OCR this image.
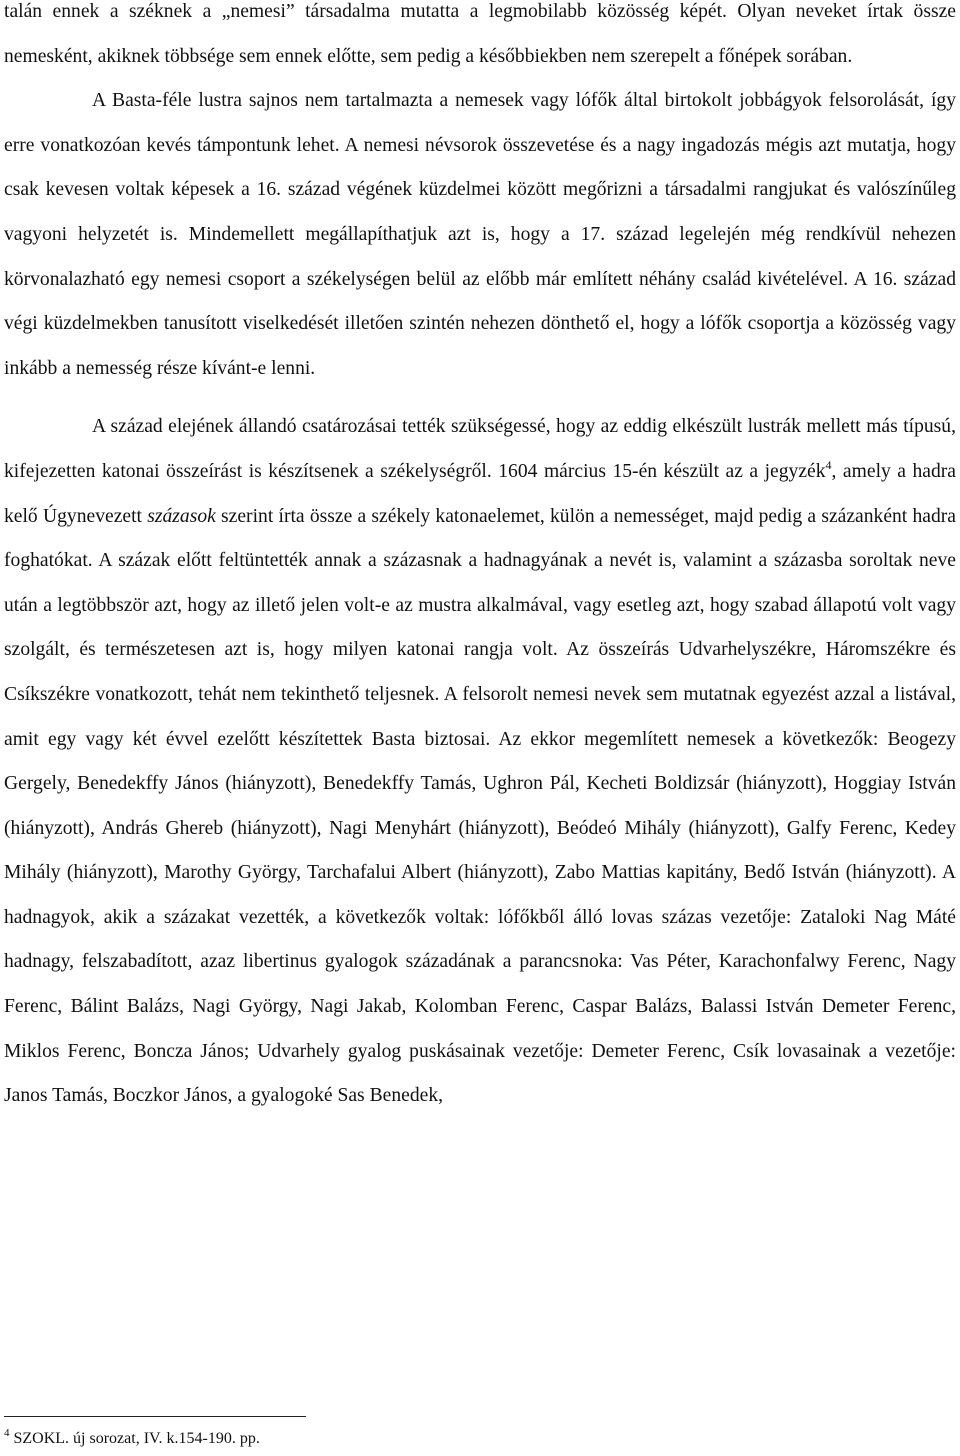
talán ennek a széknek a „nemesi” társadalma mutatta a legmobilabb közösség képét. Olyan neveket írtak össze nemesként, akiknek többsége sem ennek előtte, sem pedig a későbbiekben nem szerepelt a főnépek sorában.

A Basta-féle lustra sajnos nem tartalmazta a nemesek vagy lófők által birtokolt jobbágyok felsorolását, így erre vonatkozóan kevés támpontunk lehet. A nemesi névsorok összevetése és a nagy ingadozás mégis azt mutatja, hogy csak kevesen voltak képesek a 16. század végének küzdelmei között megőrizni a társadalmi rangjukat és valószínűleg vagyoni helyzetét is. Mindemellett megállapíthatjuk azt is, hogy a 17. század legelején még rendkívül nehezen körvonalazható egy nemesi csoport a székelységen belül az előbb már említett néhány család kivételével. A 16. század végi küzdelmekben tanusított viselkedését illetően szintén nehezen dönthető el, hogy a lófők csoportja a közösség vagy inkább a nemesség része kívánt-e lenni.

A század elejének állandó csatározásai tették szükségessé, hogy az eddig elkészült lustrák mellett más típusú, kifejezetten katonai összeírást is készítsenek a székelységről. 1604 március 15-én készült az a jegyzék$^4$, amely a hadra kelő Úgynevezett százasok szerint írta össze a székely katonaelemet, külön a nemességet, majd pedig a százanként hadra foghatókat. A százak előtt feltüntették annak a százasnak a hadnagyának a nevét is, valamint a százasba soroltak neve után a legtöbbször azt, hogy az illető jelen volt-e az mustra alkalmával, vagy esetleg azt, hogy szabad állapotú volt vagy szolgált, és természetesen azt is, hogy milyen katonai rangja volt. Az összeírás Udvarhelyszékre, Háromszékre és Csíkszékre vonatkozott, tehát nem tekinthető teljesnek. A felsorolt nemesi nevek sem mutatnak egyezést azzal a listával, amit egy vagy két évvel ezelőtt készítettek Basta biztosai. Az ekkor megemlített nemesek a következők: Beogezy Gergely, Benedekffy János (hiányzott), Benedekffy Tamás, Ughron Pál, Kecheti Boldizsár (hiányzott), Hoggiay István (hiányzott), András Ghereb (hiányzott), Nagi Menyhárt (hiányzott), Beódeó Mihály (hiányzott), Galfy Ferenc, Kedey Mihály (hiányzott), Marothy György, Tarchafalui Albert (hiányzott), Zabo Mattias kapitány, Bedő István (hiányzott). A hadnagyok, akik a százakat vezették, a következők voltak: lófőkből álló lovas százas vezetője: Zataloki Nag Máté hadnagy, felszabadított, azaz libertinus gyalogok századának a parancsnoka: Vas Péter, Karachonfalwy Ferenc, Nagy Ferenc, Bálint Balázs, Nagi György, Nagi Jakab, Kolomban Ferenc, Caspar Balázs, Balassi István Demeter Ferenc, Miklos Ferenc, Boncza János; Udvarhely gyalog puskásainak vezetője: Demeter Ferenc, Csík lovasainak a vezetője: Janos Tamás, Boczkor János, a gyalogoké Sas Benedek,

$^4$ SZOKL. új sorozat, IV. k.154-190. pp.
